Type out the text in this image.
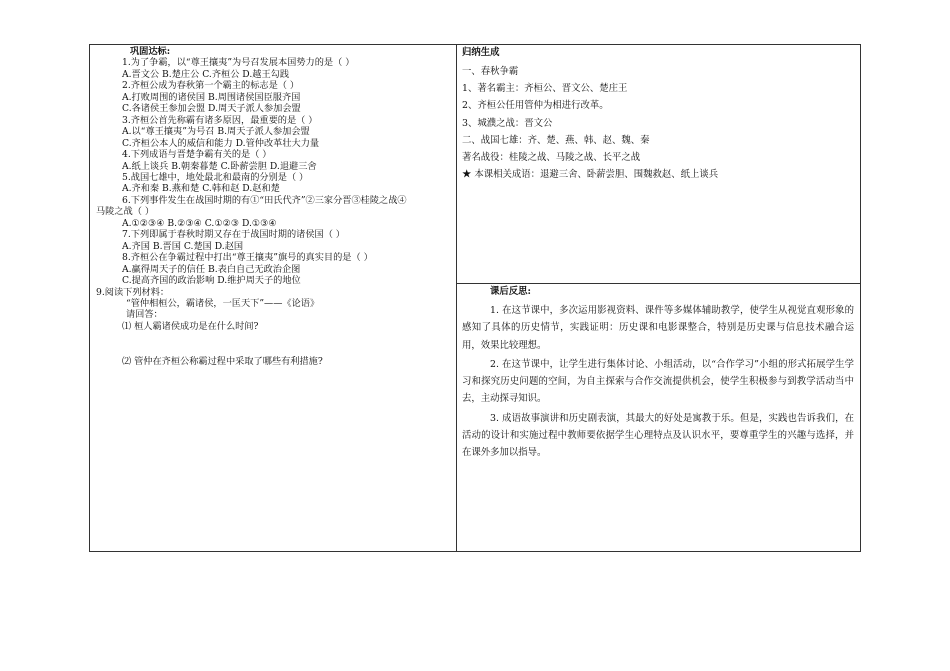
巩固达标:
1.为了争霸，以“尊王攘夷”为号召发展本国势力的是（ ）
A.晋文公 B.楚庄公 C.齐桓公 D.越王勾践
2.齐桓公成为春秋第一个霸主的标志是（ ）
A.打败周围的诸侯国 B.周围诸侯国臣服齐国
C.各诸侯王参加会盟 D.周天子派人参加会盟
3.齐桓公首先称霸有诸多原因，最重要的是（ ）
A.以“尊王攘夷”为号召 B.周天子派人参加会盟
C.齐桓公本人的威信和能力 D.管仲改革壮大力量
4.下列成语与晋楚争霸有关的是（ ）
A.纸上谈兵 B.朝秦暮楚 C.卧薪尝胆 D.退避三舍
5.战国七雄中，地处最北和最南的分别是（ ）
A.齐和秦 B.燕和楚 C.韩和赵 D.赵和楚
6.下列事件发生在战国时期的有①“田氏代齐”②三家分晋③桂陵之战④
马陵之战（ ）
A.①②③④ B.②③④ C.①②③ D.①③④
7.下列即属于春秋时期又存在于战国时期的诸侯国（ ）
A.齐国 B.晋国 C.楚国 D.赵国
8.齐桓公在争霸过程中打出“尊王攘夷”旗号的真实目的是（ ）
A.赢得周天子的信任 B.表白自己无政治企图
C.提高齐国的政治影响 D.维护周天子的地位
9.阅读下列材料：
“管仲相桓公，霸诸侯，一匡天下”——《论语》
请回答：
⑴ 桓人霸诸侯成功是在什么时间?
⑵ 管仲在齐桓公称霸过程中采取了哪些有利措施?
归纳生成
一、春秋争霸
1、著名霸主：齐桓公、晋文公、楚庄王
2、齐桓公任用管仲为相进行改革。
3、城濮之战：晋文公
二、战国七雄：齐、楚、燕、韩、赵、魏、秦
著名战役：桂陵之战、马陵之战、长平之战
★ 本课相关成语：退避三舍、卧薪尝胆、围魏救赵、纸上谈兵
课后反思:

1. 在这节课中，多次运用影视资料、课件等多媒体辅助教学，使学生从视觉直观形象的感知了具体的历史情节，实践证明：历史课和电影课整合，特别是历史课与信息技术融合运用，效果比较理想。

2. 在这节课中，让学生进行集体讨论、小组活动，以“合作学习”小组的形式拓展学生学习和探究历史问题的空间，为自主探索与合作交流提供机会，使学生积极参与到教学活动当中去，主动探寻知识。

3. 成语故事演讲和历史剧表演，其最大的好处是寓教于乐。但是，实践也告诉我们，在活动的设计和实施过程中教师要依据学生心理特点及认识水平，要尊重学生的兴趣与选择，并在课外多加以指导。
